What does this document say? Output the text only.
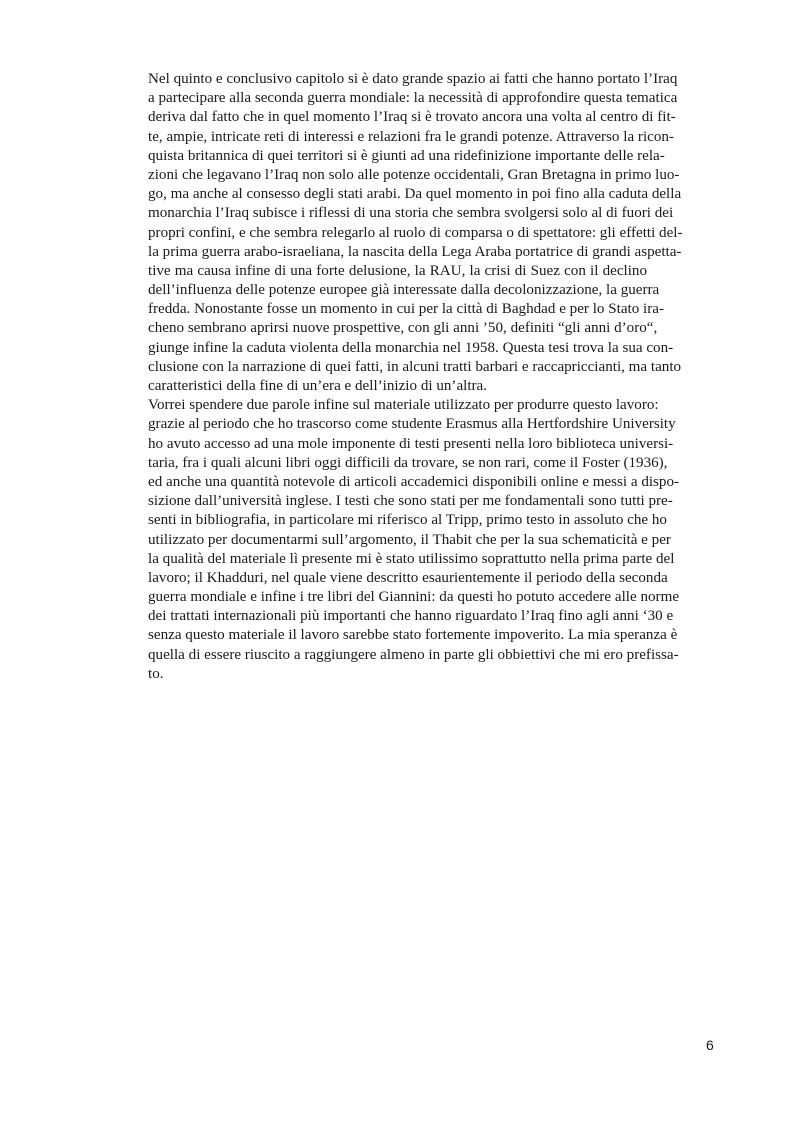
Nel quinto e conclusivo capitolo si è dato grande spazio ai fatti che hanno portato l’Iraq
a partecipare alla seconda guerra mondiale: la necessità di approfondire questa tematica
deriva dal fatto che in quel momento l’Iraq si è trovato ancora una volta al centro di fit-
te, ampie, intricate reti di interessi e relazioni fra le grandi potenze. Attraverso la ricon-
quista britannica di quei territori si è giunti ad una ridefinizione importante delle rela-
zioni che legavano l’Iraq non solo alle potenze occidentali, Gran Bretagna in primo luo-
go, ma anche al consesso degli stati arabi. Da quel momento in poi fino alla caduta della
monarchia l’Iraq subisce i riflessi di una storia che sembra svolgersi solo al di fuori dei
propri confini, e che sembra relegarlo al ruolo di comparsa o di spettatore: gli effetti del-
la prima guerra arabo-israeliana, la nascita della Lega Araba portatrice di grandi aspetta-
tive ma causa infine di una forte delusione, la RAU, la crisi di Suez con il declino
dell’influenza delle potenze europee già interessate dalla decolonizzazione, la guerra
fredda. Nonostante fosse un momento in cui per la città di Baghdad e per lo Stato ira-
cheno sembrano aprirsi nuove prospettive, con gli anni ’50, definiti “gli anni d’oro“,
giunge infine la caduta violenta della monarchia nel 1958. Questa tesi trova la sua con-
clusione con la narrazione di quei fatti, in alcuni tratti barbari e raccapriccianti, ma tanto
caratteristici della fine di un’era e dell’inizio di un’altra.
Vorrei spendere due parole infine sul materiale utilizzato per produrre questo lavoro:
grazie al periodo che ho trascorso come studente Erasmus alla Hertfordshire University
ho avuto accesso ad una mole imponente di testi presenti nella loro biblioteca universi-
taria, fra i quali alcuni libri oggi difficili da trovare, se non rari, come il Foster (1936),
ed anche una quantità notevole di articoli accademici disponibili online e messi a dispo-
sizione dall’università inglese. I testi che sono stati per me fondamentali sono tutti pre-
senti in bibliografia, in particolare mi riferisco al Tripp, primo testo in assoluto che ho
utilizzato per documentarmi sull’argomento, il Thabit che per la sua schematicità e per
la qualità del materiale lì presente mi è stato utilissimo soprattutto nella prima parte del
lavoro; il Khadduri, nel quale viene descritto esaurientemente il periodo della seconda
guerra mondiale e infine i tre libri del Giannini: da questi ho potuto accedere alle norme
dei trattati internazionali più importanti che hanno riguardato l’Iraq fino agli anni ‘30 e
senza questo materiale il lavoro sarebbe stato fortemente impoverito. La mia speranza è
quella di essere riuscito a raggiungere almeno in parte gli obbiettivi che mi ero prefissa-
to.
6
